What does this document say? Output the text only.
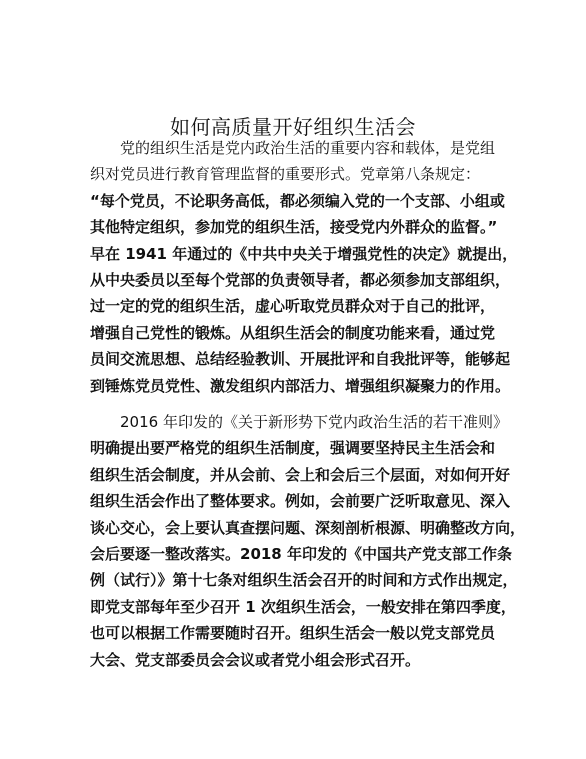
如何高质量开好组织生活会
党的组织生活是党内政治生活的重要内容和载体，是党组
织对党员进行教育管理监督的重要形式。党章第八条规定：
“每个党员，不论职务高低，都必须编入党的一个支部、小组或
其他特定组织，参加党的组织生活，接受党内外群众的监督。”
早在 1941 年通过的《中共中央关于增强党性的决定》就提出，
从中央委员以至每个党部的负责领导者，都必须参加支部组织，
过一定的党的组织生活，虚心听取党员群众对于自己的批评，
增强自己党性的锻炼。从组织生活会的制度功能来看，通过党
员间交流思想、总结经验教训、开展批评和自我批评等，能够起
到锤炼党员党性、激发组织内部活力、增强组织凝聚力的作用。
2016 年印发的《关于新形势下党内政治生活的若干准则》
明确提出要严格党的组织生活制度，强调要坚持民主生活会和
组织生活会制度，并从会前、会上和会后三个层面，对如何开好
组织生活会作出了整体要求。例如，会前要广泛听取意见、深入
谈心交心，会上要认真查摆问题、深刻剖析根源、明确整改方向，
会后要逐一整改落实。2018 年印发的《中国共产党支部工作条
例（试行）》第十七条对组织生活会召开的时间和方式作出规定，
即党支部每年至少召开 1 次组织生活会，一般安排在第四季度，
也可以根据工作需要随时召开。组织生活会一般以党支部党员
大会、党支部委员会会议或者党小组会形式召开。
